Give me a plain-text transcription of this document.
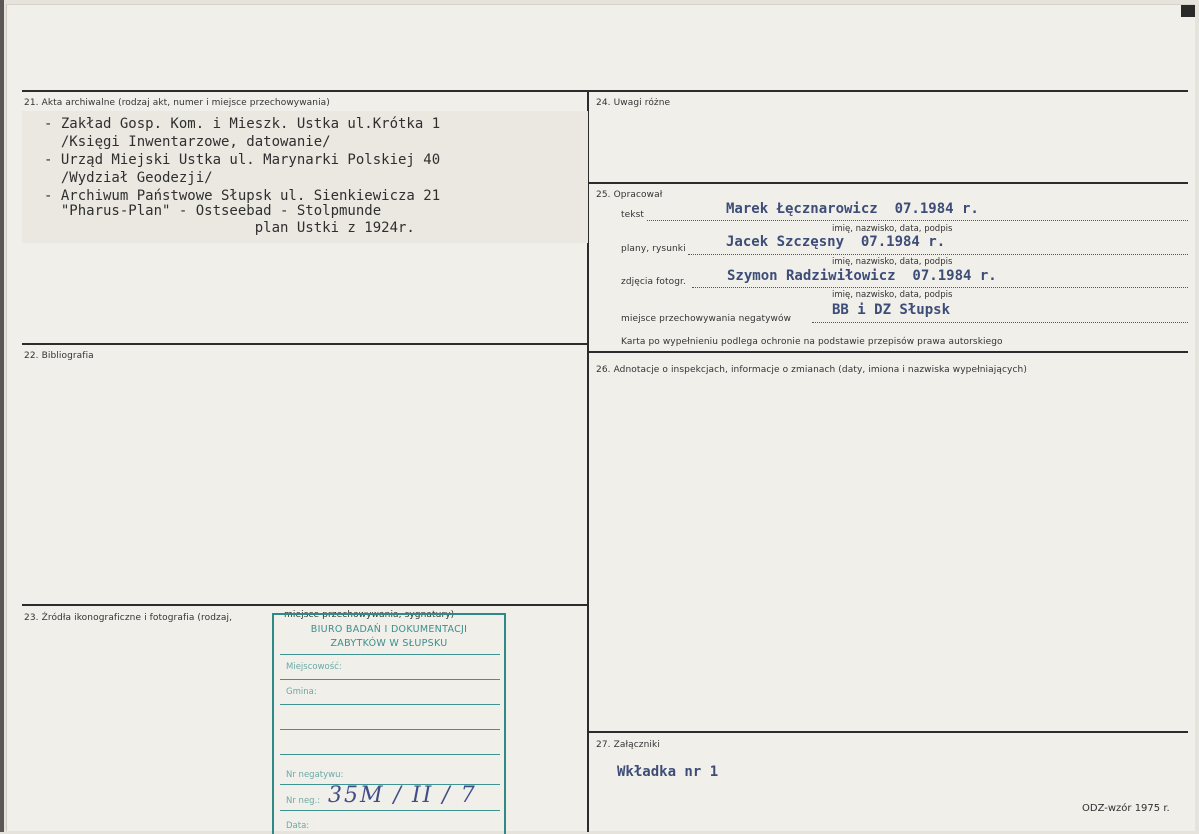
21. Akta archiwalne (rodzaj akt, numer i miejsce przechowywania)
- Zakład Gosp. Kom. i Mieszk. Ustka ul.Krótka 1
/Księgi Inwentarzowe, datowanie/
- Urząd Miejski Ustka ul. Marynarki Polskiej 40
/Wydział Geodezji/
- Archiwum Państwowe Słupsk ul. Sienkiewicza 21
"Pharus-Plan" - Ostseebad - Stolpmunde
plan Ustki z 1924r.
22. Bibliografia
23. Źródła ikonograficzne i fotografia (rodzaj,	miejsce przechowywania, sygnatury)
BIURO BADAŃ I DOKUMENTACJI
ZABYTKÓW W SŁUPSKU
Miejscowość:
Gmina:
Nr negatywu:
Nr neg.: 35M / II / 7
Data:
24. Uwagi różne
25. Opracował
tekst	Marek Łęcznarowicz  07.1984 r.
imię, nazwisko, data, podpis
plany, rysunki	Jacek Szczęsny  07.1984 r.
imię, nazwisko, data, podpis
zdjęcia fotogr.	Szymon Radziwiłowicz  07.1984 r.
imię, nazwisko, data, podpis
miejsce przechowywania negatywów
BB i DZ Słupsk
Karta po wypełnieniu podlega ochronie na podstawie przepisów prawa autorskiego
26. Adnotacje o inspekcjach, informacje o zmianach (daty, imiona i nazwiska wypełniających)
27. Załączniki
Wkładka nr 1
ODZ-wzór 1975 r.
